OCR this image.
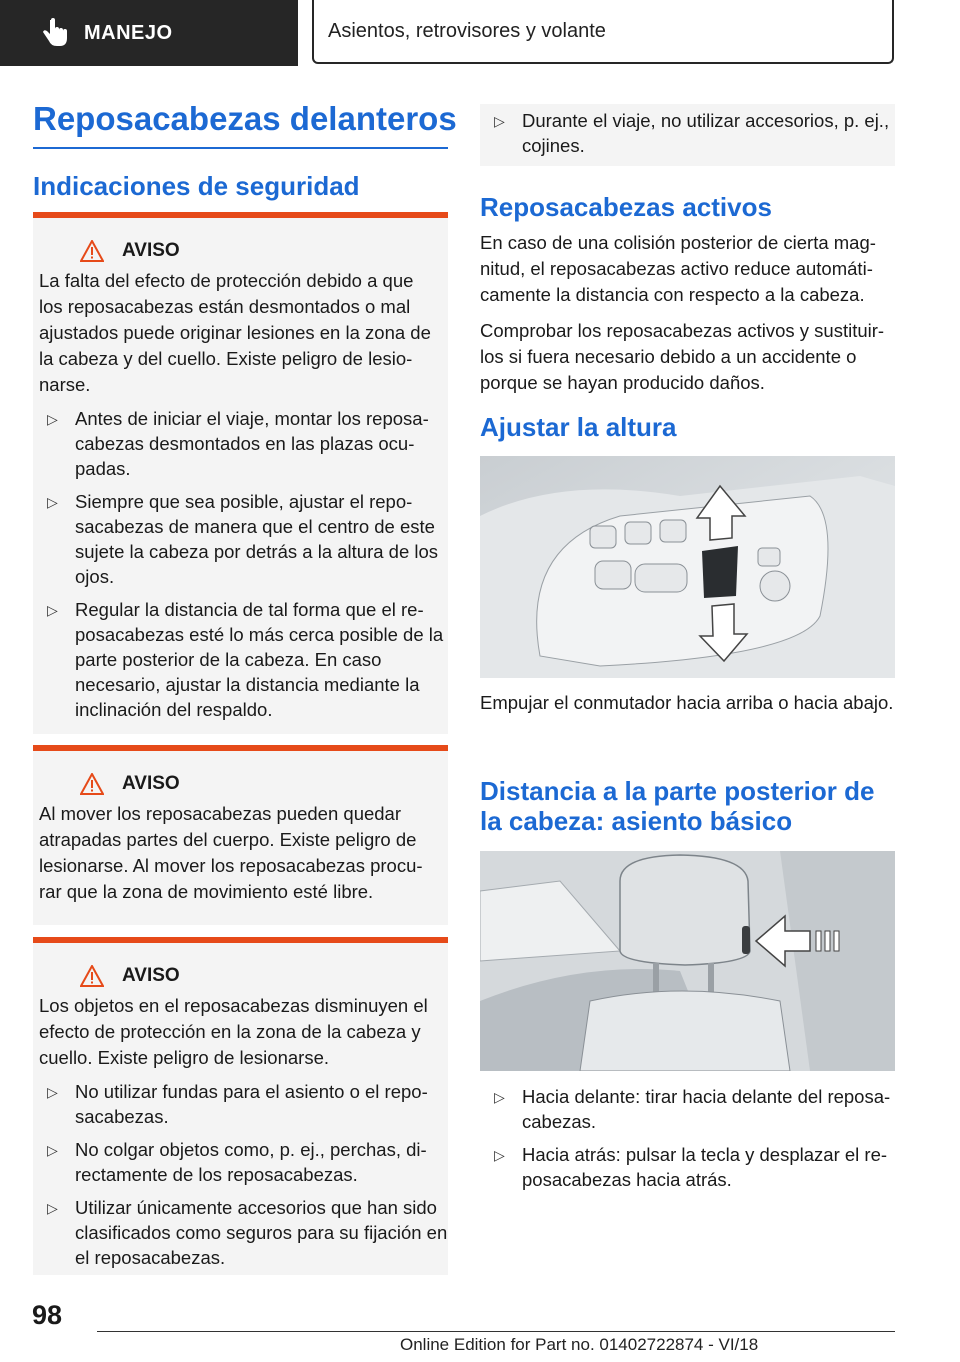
MANEJO	Asientos, retrovisores y volante
Reposacabezas delanteros
Indicaciones de seguridad
AVISO

La falta del efecto de protección debido a que los reposacabezas están desmontados o mal ajustados puede originar lesiones en la zona de la cabeza y del cuello. Existe peligro de lesionarse.

▷ Antes de iniciar el viaje, montar los reposacabezas desmontados en las plazas ocupadas.
▷ Siempre que sea posible, ajustar el reposacabezas de manera que el centro de este sujete la cabeza por detrás a la altura de los ojos.
▷ Regular la distancia de tal forma que el reposacabezas esté lo más cerca posible de la parte posterior de la cabeza. En caso necesario, ajustar la distancia mediante la inclinación del respaldo.
AVISO

Al mover los reposacabezas pueden quedar atrapadas partes del cuerpo. Existe peligro de lesionarse. Al mover los reposacabezas procurar que la zona de movimiento esté libre.

AVISO

Los objetos en el reposacabezas disminuyen el efecto de protección en la zona de la cabeza y cuello. Existe peligro de lesionarse.

▷ No utilizar fundas para el asiento o el reposacabezas.
▷ No colgar objetos como, p. ej., perchas, directamente de los reposacabezas.
▷ Utilizar únicamente accesorios que han sido clasificados como seguros para su fijación en el reposacabezas.
▷ Durante el viaje, no utilizar accesorios, p. ej., cojines.
Reposacabezas activos

En caso de una colisión posterior de cierta magnitud, el reposacabezas activo reduce automáticamente la distancia con respecto a la cabeza.

Comprobar los reposacabezas activos y sustituirlos si fuera necesario debido a un accidente o porque se hayan producido daños.

Ajustar la altura

Empujar el conmutador hacia arriba o hacia abajo.

Distancia a la parte posterior de la cabeza: asiento básico
▷ Hacia delante: tirar hacia delante del reposacabezas.
▷ Hacia atrás: pulsar la tecla y desplazar el reposacabezas hacia atrás.
98
Online Edition for Part no. 01402722874 - VI/18
